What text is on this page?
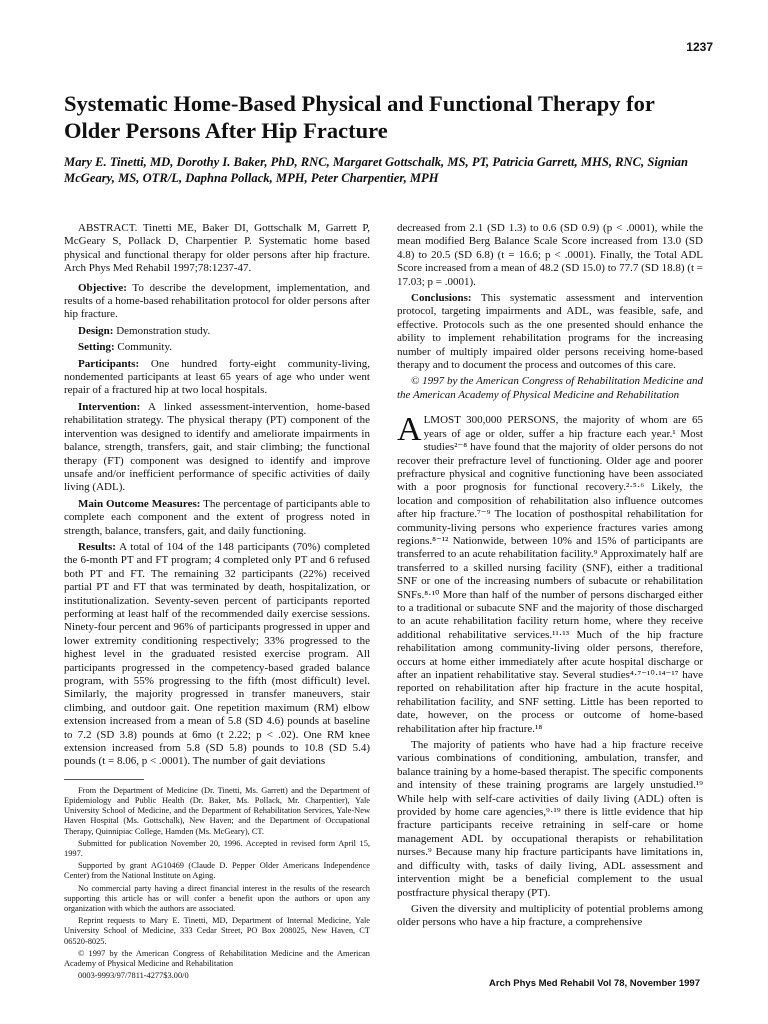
1237
Systematic Home-Based Physical and Functional Therapy for Older Persons After Hip Fracture

Mary E. Tinetti, MD, Dorothy I. Baker, PhD, RNC, Margaret Gottschalk, MS, PT, Patricia Garrett, MHS, RNC, Signian McGeary, MS, OTR/L, Daphna Pollack, MPH, Peter Charpentier, MPH

ABSTRACT. Tinetti ME, Baker DI, Gottschalk M, Garrett P, McGeary S, Pollack D, Charpentier P. Systematic home based physical and functional therapy for older persons after hip fracture. Arch Phys Med Rehabil 1997;78:1237-47.

Objective: To describe the development, implementation, and results of a home-based rehabilitation protocol for older persons after hip fracture.

Design: Demonstration study.

Setting: Community.

Participants: One hundred forty-eight community-living, nondemented participants at least 65 years of age who under went repair of a fractured hip at two local hospitals.

Intervention: A linked assessment-intervention, home-based rehabilitation strategy. The physical therapy (PT) component of the intervention was designed to identify and ameliorate impairments in balance, strength, transfers, gait, and stair climbing; the functional therapy (FT) component was designed to identify and improve unsafe and/or inefficient performance of specific activities of daily living (ADL).

Main Outcome Measures: The percentage of participants able to complete each component and the extent of progress noted in strength, balance, transfers, gait, and daily functioning.

Results: A total of 104 of the 148 participants (70%) completed the 6-month PT and FT program; 4 completed only PT and 6 refused both PT and FT. The remaining 32 participants (22%) received partial PT and FT that was terminated by death, hospitalization, or institutionalization. Seventy-seven percent of participants reported performing at least half of the recommended daily exercise sessions. Ninety-four percent and 96% of participants progressed in upper and lower extremity conditioning respectively; 33% progressed to the highest level in the graduated resisted exercise program. All participants progressed in the competency-based graded balance program, with 55% progressing to the fifth (most difficult) level. Similarly, the majority progressed in transfer maneuvers, stair climbing, and outdoor gait. One repetition maximum (RM) elbow extension increased from a mean of 5.8 (SD 4.6) pounds at baseline to 7.2 (SD 3.8) pounds at 6mo (t 2.22; p < .02). One RM knee extension increased from 5.8 (SD 5.8) pounds to 10.8 (SD 5.4) pounds (t = 8.06, p < .0001). The number of gait deviations

From the Department of Medicine (Dr. Tinetti, Ms. Garrett) and the Department of Epidemiology and Public Health (Dr. Baker, Ms. Pollack, Mr. Charpentier), Yale University School of Medicine, and the Department of Rehabilitation Services, Yale-New Haven Hospital (Ms. Gottschalk), New Haven; and the Department of Occupational Therapy, Quinnipiac College, Hamden (Ms. McGeary), CT.

Submitted for publication November 20, 1996. Accepted in revised form April 15, 1997.

Supported by grant AG10469 (Claude D. Pepper Older Americans Independence Center) from the National Institute on Aging.

No commercial party having a direct financial interest in the results of the research supporting this article has or will confer a benefit upon the authors or upon any organization with which the authors are associated.

Reprint requests to Mary E. Tinetti, MD, Department of Internal Medicine, Yale University School of Medicine, 333 Cedar Street, PO Box 208025, New Haven, CT 06520-8025.

© 1997 by the American Congress of Rehabilitation Medicine and the American Academy of Physical Medicine and Rehabilitation

0003-9993/97/7811-4277$3.00/0

decreased from 2.1 (SD 1.3) to 0.6 (SD 0.9) (p < .0001), while the mean modified Berg Balance Scale Score increased from 13.0 (SD 4.8) to 20.5 (SD 6.8) (t = 16.6; p < .0001). Finally, the Total ADL Score increased from a mean of 48.2 (SD 15.0) to 77.7 (SD 18.8) (t = 17.03; p = .0001).

Conclusions: This systematic assessment and intervention protocol, targeting impairments and ADL, was feasible, safe, and effective. Protocols such as the one presented should enhance the ability to implement rehabilitation programs for the increasing number of multiply impaired older persons receiving home-based therapy and to document the process and outcomes of this care.

© 1997 by the American Congress of Rehabilitation Medicine and the American Academy of Physical Medicine and Rehabilitation

ALMOST 300,000 PERSONS, the majority of whom are 65 years of age or older, suffer a hip fracture each year.¹ Most studies²⁻⁸ have found that the majority of older persons do not recover their prefracture level of functioning. Older age and poorer prefracture physical and cognitive functioning have been associated with a poor prognosis for functional recovery.²·⁵·⁶ Likely, the location and composition of rehabilitation also influence outcomes after hip fracture.⁷⁻⁹ The location of posthospital rehabilitation for community-living persons who experience fractures varies among regions.⁸⁻¹² Nationwide, between 10% and 15% of participants are transferred to an acute rehabilitation facility.⁹ Approximately half are transferred to a skilled nursing facility (SNF), either a traditional SNF or one of the increasing numbers of subacute or rehabilitation SNFs.⁸·¹⁰ More than half of the number of persons discharged either to a traditional or subacute SNF and the majority of those discharged to an acute rehabilitation facility return home, where they receive additional rehabilitative services.¹¹·¹³ Much of the hip fracture rehabilitation among community-living older persons, therefore, occurs at home either immediately after acute hospital discharge or after an inpatient rehabilitative stay. Several studies⁴·⁷⁻¹⁰·¹⁴⁻¹⁷ have reported on rehabilitation after hip fracture in the acute hospital, rehabilitation facility, and SNF setting. Little has been reported to date, however, on the process or outcome of home-based rehabilitation after hip fracture.¹⁸

The majority of patients who have had a hip fracture receive various combinations of conditioning, ambulation, transfer, and balance training by a home-based therapist. The specific components and intensity of these training programs are largely unstudied.¹⁹ While help with self-care activities of daily living (ADL) often is provided by home care agencies,⁹·¹⁹ there is little evidence that hip fracture participants receive retraining in self-care or home management ADL by occupational therapists or rehabilitation nurses.⁹ Because many hip fracture participants have limitations in, and difficulty with, tasks of daily living, ADL assessment and intervention might be a beneficial complement to the usual postfracture physical therapy (PT).

Given the diversity and multiplicity of potential problems among older persons who have a hip fracture, a comprehensive

Arch Phys Med Rehabil Vol 78, November 1997
